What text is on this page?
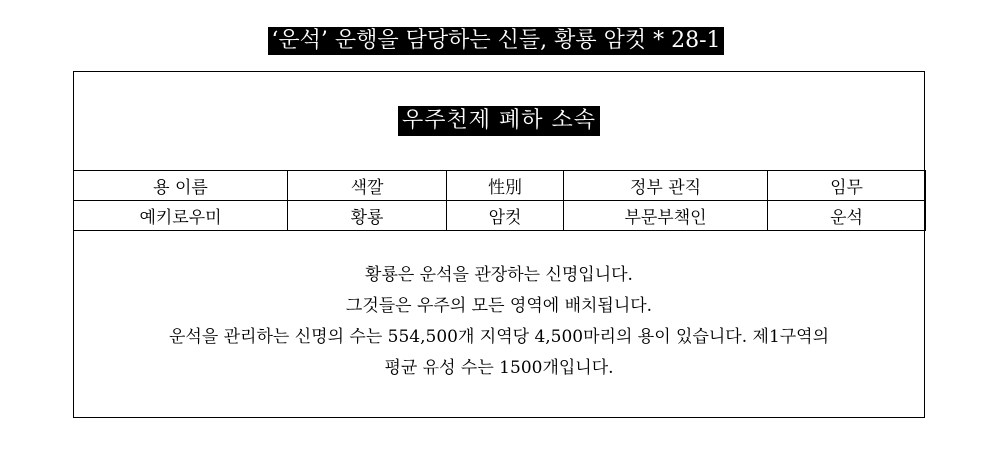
‘운석’ 운행을 담당하는 신들, 황룡 암컷 * 28-1
우주천제 폐하 소속
용 이름	색깔	性別	정부 관직	임무
예키로우미	황룡	암컷	부문부책인	운석
황룡은 운석을 관장하는 신명입니다.
그것들은 우주의 모든 영역에 배치됩니다.
운석을 관리하는 신명의 수는 554,500개 지역당 4,500마리의 용이 있습니다. 제1구역의
평균 유성 수는 1500개입니다.
